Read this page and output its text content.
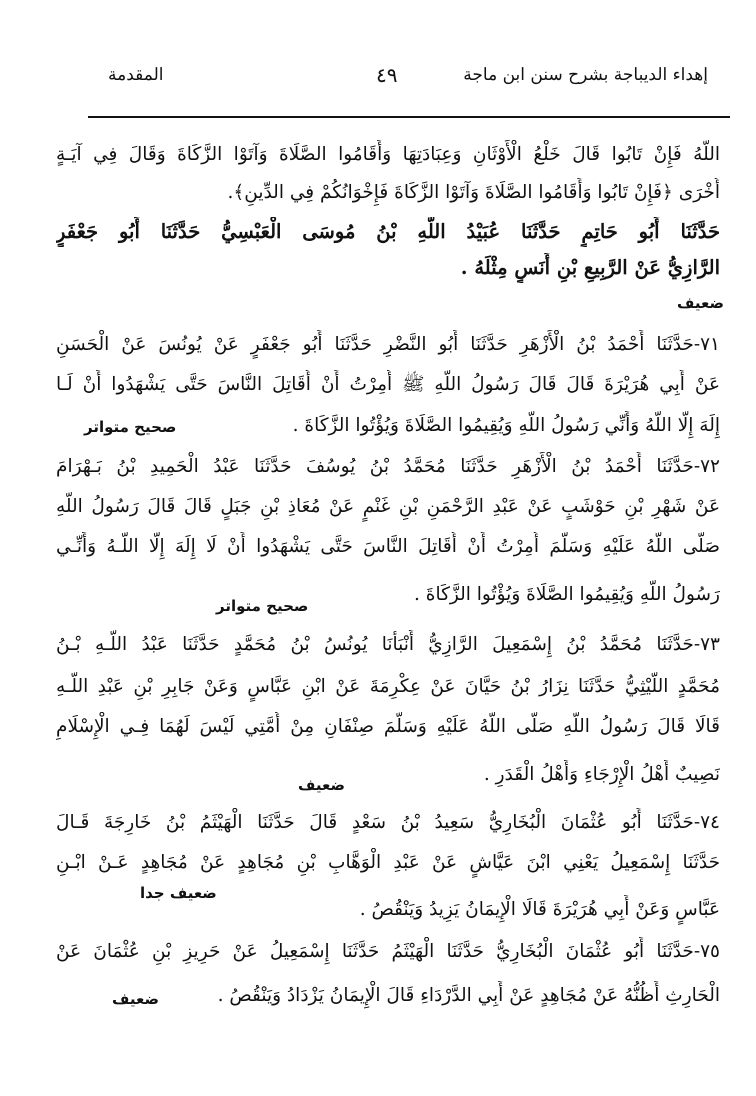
إهداء الديباجة بشرح سنن ابن ماجة
٤٩
المقدمة
اللَّهُ فَإِنْ تَابُوا قَالَ خَلْعُ الْأَوْثَانِ وَعِبَادَتِهَا وَأَقَامُوا الصَّلَاةَ وَآتَوْا الزَّكَاةَ وَقَالَ فِي آيَـةٍ
أُخْرَى ﴿فَإِنْ تَابُوا وَأَقَامُوا الصَّلَاةَ وَآتَوْا الزَّكَاةَ فَإِخْوَانُكُمْ فِي الدِّينِ﴾.
حَدَّثَنَا أَبُو حَاتِمٍ حَدَّثَنَا عُبَيْدُ اللَّهِ بْنُ مُوسَى الْعَبْسِيُّ حَدَّثَنَا أَبُو جَعْفَرٍ
الرَّازِيُّ عَنْ الرَّبِيعِ بْنِ أَنَسٍ مِثْلَهُ .
ضعيف
٧١-حَدَّثَنَا أَحْمَدُ بْنُ الْأَزْهَرِ حَدَّثَنَا أَبُو النَّضْرِ حَدَّثَنَا أَبُو جَعْفَرٍ عَنْ يُونُسَ عَنْ الْحَسَنِ
عَنْ أَبِي هُرَيْرَةَ قَالَ قَالَ رَسُولُ اللَّهِ ﷺ أُمِرْتُ أَنْ أُقَاتِلَ النَّاسَ حَتَّى يَشْهَدُوا أَنْ لَـا
إِلَهَ إِلَّا اللَّهُ وَأَنِّي رَسُولُ اللَّهِ وَيُقِيمُوا الصَّلَاةَ وَيُؤْتُوا الزَّكَاةَ .
صحيح متواتر
٧٢-حَدَّثَنَا أَحْمَدُ بْنُ الْأَزْهَرِ حَدَّثَنَا مُحَمَّدُ بْنُ يُوسُفَ حَدَّثَنَا عَبْدُ الْحَمِيدِ بْنُ بَـهْرَامَ
عَنْ شَهْرِ بْنِ حَوْشَبٍ عَنْ عَبْدِ الرَّحْمَنِ بْنِ غَنْمٍ عَنْ مُعَاذِ بْنِ جَبَلٍ قَالَ قَالَ رَسُولُ اللَّهِ
صَلَّى اللَّهُ عَلَيْهِ وَسَلَّمَ أُمِرْتُ أَنْ أُقَاتِلَ النَّاسَ حَتَّى يَشْهَدُوا أَنْ لَا إِلَهَ إِلَّا اللَّـهُ وَأَنِّـي
رَسُولُ اللَّهِ وَيُقِيمُوا الصَّلَاةَ وَيُؤْتُوا الزَّكَاةَ .
صحيح متواتر
٧٣-حَدَّثَنَا مُحَمَّدُ بْنُ إِسْمَعِيلَ الرَّازِيُّ أَنْبَأَنَا يُونُسُ بْنُ مُحَمَّدٍ حَدَّثَنَا عَبْدُ اللَّـهِ بْـنُ
مُحَمَّدٍ اللَّيْثِيُّ حَدَّثَنَا نِزَارُ بْنُ حَيَّانَ عَنْ عِكْرِمَةَ عَنْ ابْنِ عَبَّاسٍ وَعَنْ جَابِرِ بْنِ عَبْدِ اللَّـهِ
قَالَا قَالَ رَسُولُ اللَّهِ صَلَّى اللَّهُ عَلَيْهِ وَسَلَّمَ صِنْفَانِ مِنْ أُمَّتِي لَيْسَ لَهُمَا فِـي الْإِسْلَامِ
نَصِيبٌ أَهْلُ الْإِرْجَاءِ وَأَهْلُ الْقَدَرِ .
ضعيف
٧٤-حَدَّثَنَا أَبُو عُثْمَانَ الْبُخَارِيُّ سَعِيدُ بْنُ سَعْدٍ قَالَ حَدَّثَنَا الْهَيْثَمُ بْنُ خَارِجَةَ قَـالَ
حَدَّثَنَا إِسْمَعِيلُ يَعْنِي ابْنَ عَيَّاشٍ عَنْ عَبْدِ الْوَهَّابِ بْنِ مُجَاهِدٍ عَنْ مُجَاهِدٍ عَـنْ ابْـنِ
عَبَّاسٍ وَعَنْ أَبِي هُرَيْرَةَ قَالَا الْإِيمَانُ يَزِيدُ وَيَنْقُصُ .
ضعيف جدا
٧٥-حَدَّثَنَا أَبُو عُثْمَانَ الْبُخَارِيُّ حَدَّثَنَا الْهَيْثَمُ حَدَّثَنَا إِسْمَعِيلُ عَنْ حَرِيزِ بْنِ عُثْمَانَ عَنْ
الْحَارِثِ أَظُنُّهُ عَنْ مُجَاهِدٍ عَنْ أَبِي الدَّرْدَاءِ قَالَ الْإِيمَانُ يَزْدَادُ وَيَنْقُصُ .
ضعيف
